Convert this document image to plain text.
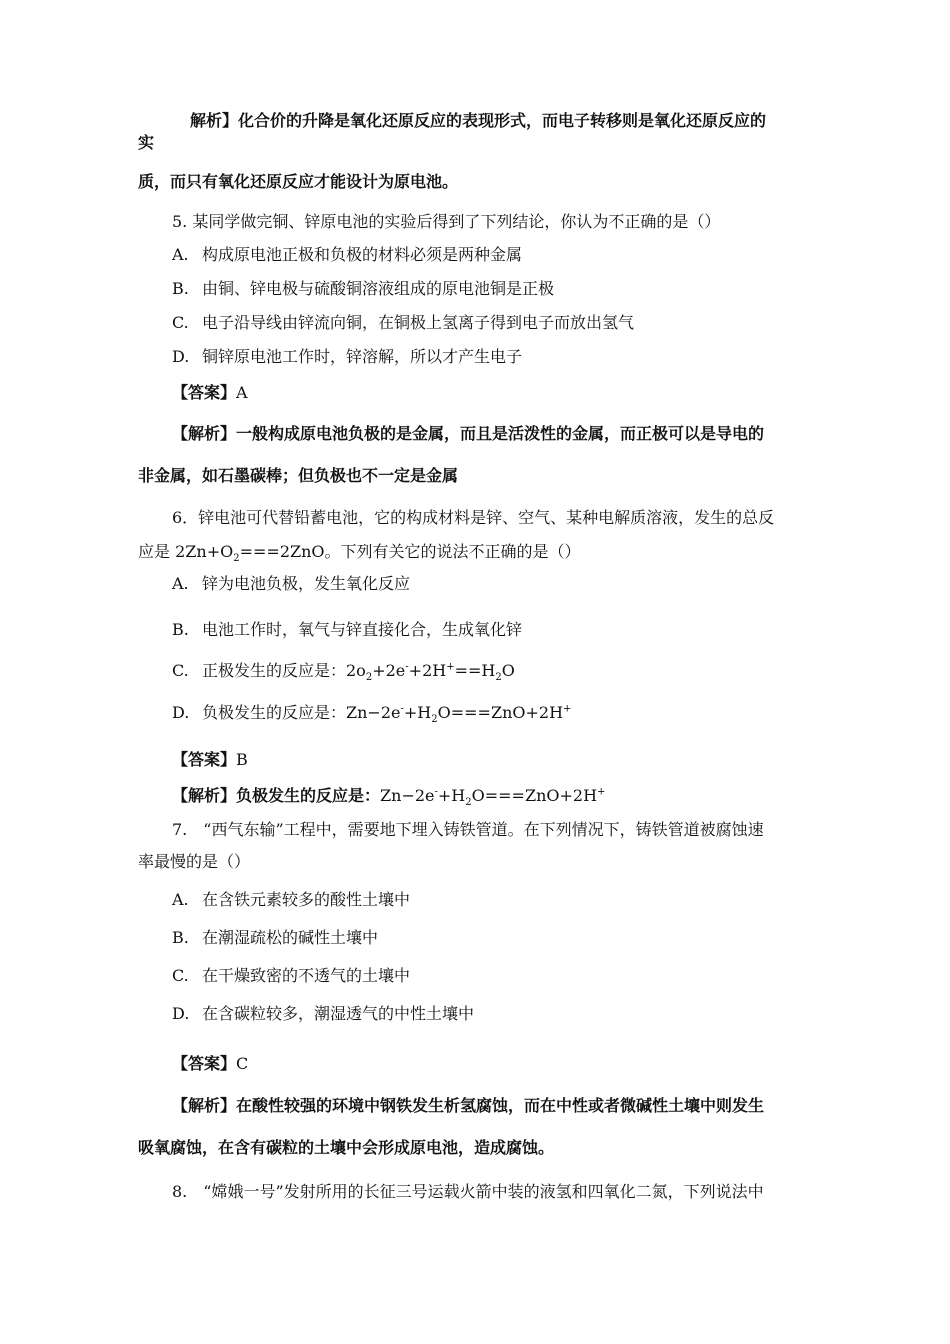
解析】化合价的升降是氧化还原反应的表现形式，而电子转移则是氧化还原反应的
实
质，而只有氧化还原反应才能设计为原电池。
5. 某同学做完铜、锌原电池的实验后得到了下列结论，你认为不正确的是（）
A. 构成原电池正极和负极的材料必须是两种金属
B. 由铜、锌电极与硫酸铜溶液组成的原电池铜是正极
C. 电子沿导线由锌流向铜，在铜极上氢离子得到电子而放出氢气
D. 铜锌原电池工作时，锌溶解，所以才产生电子
【答案】A
【解析】一般构成原电池负极的是金属，而且是活泼性的金属，而正极可以是导电的
非金属，如石墨碳棒；但负极也不一定是金属
6．锌电池可代替铅蓄电池，它的构成材料是锌、空气、某种电解质溶液，发生的总反
应是 $2Zn+O_2===2ZnO$。下列有关它的说法不正确的是（）
A. 锌为电池负极，发生氧化反应
B. 电池工作时，氧气与锌直接化合，生成氧化锌
C. 正极发生的反应是：$2o_2+2e^-+2H^+==H_2O$
D. 负极发生的反应是：$Zn-2e^-+H_2O===ZnO+2H^+$
【答案】B
【解析】负极发生的反应是：$Zn-2e^-+H_2O===ZnO+2H^+$
7.　“西气东输”工程中，需要地下埋入铸铁管道。在下列情况下，铸铁管道被腐蚀速
率最慢的是（）
A. 在含铁元素较多的酸性土壤中
B. 在潮湿疏松的碱性土壤中
C. 在干燥致密的不透气的土壤中
D. 在含碳粒较多，潮湿透气的中性土壤中
【答案】C
【解析】在酸性较强的环境中钢铁发生析氢腐蚀，而在中性或者微碱性土壤中则发生
吸氧腐蚀，在含有碳粒的土壤中会形成原电池，造成腐蚀。
8.　“嫦娥一号”发射所用的长征三号运载火箭中装的液氢和四氧化二氮，下列说法中
